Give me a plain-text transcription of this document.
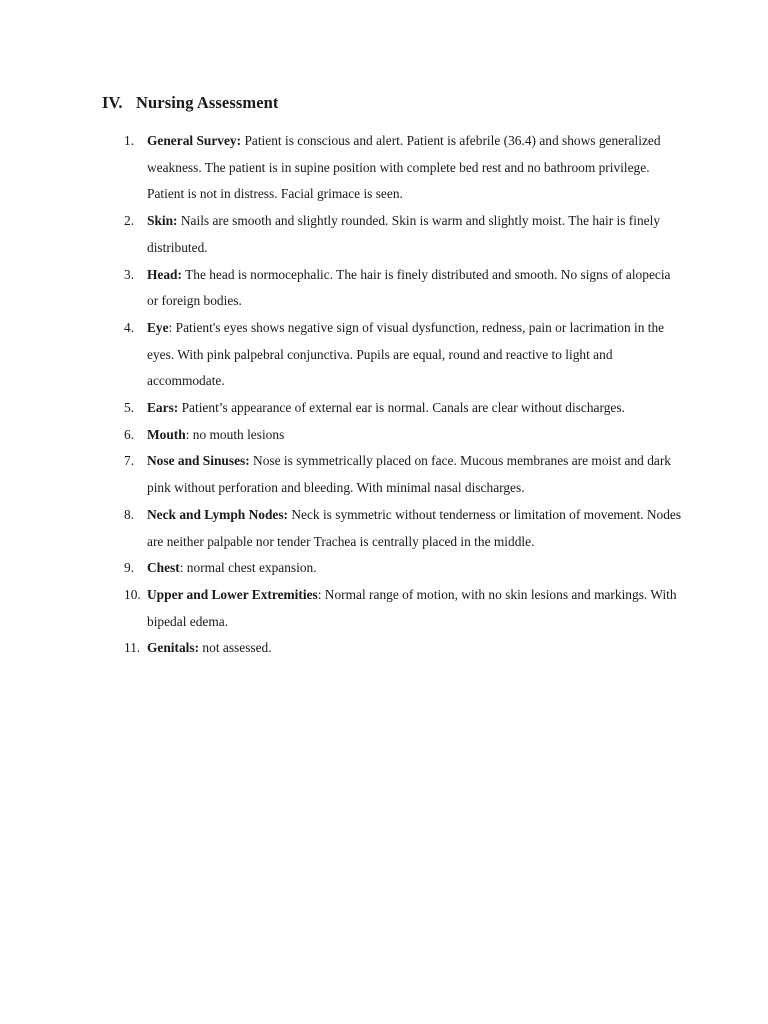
IV. Nursing Assessment
1. General Survey: Patient is conscious and alert. Patient is afebrile (36.4) and shows generalized weakness. The patient is in supine position with complete bed rest and no bathroom privilege. Patient is not in distress. Facial grimace is seen.
2. Skin: Nails are smooth and slightly rounded. Skin is warm and slightly moist. The hair is finely distributed.
3. Head: The head is normocephalic. The hair is finely distributed and smooth. No signs of alopecia or foreign bodies.
4. Eye: Patient's eyes shows negative sign of visual dysfunction, redness, pain or lacrimation in the eyes. With pink palpebral conjunctiva. Pupils are equal, round and reactive to light and accommodate.
5. Ears: Patient’s appearance of external ear is normal. Canals are clear without discharges.
6. Mouth: no mouth lesions
7. Nose and Sinuses: Nose is symmetrically placed on face. Mucous membranes are moist and dark pink without perforation and bleeding. With minimal nasal discharges.
8. Neck and Lymph Nodes: Neck is symmetric without tenderness or limitation of movement. Nodes are neither palpable nor tender Trachea is centrally placed in the middle.
9. Chest: normal chest expansion.
10. Upper and Lower Extremities: Normal range of motion, with no skin lesions and markings. With bipedal edema.
11. Genitals: not assessed.
